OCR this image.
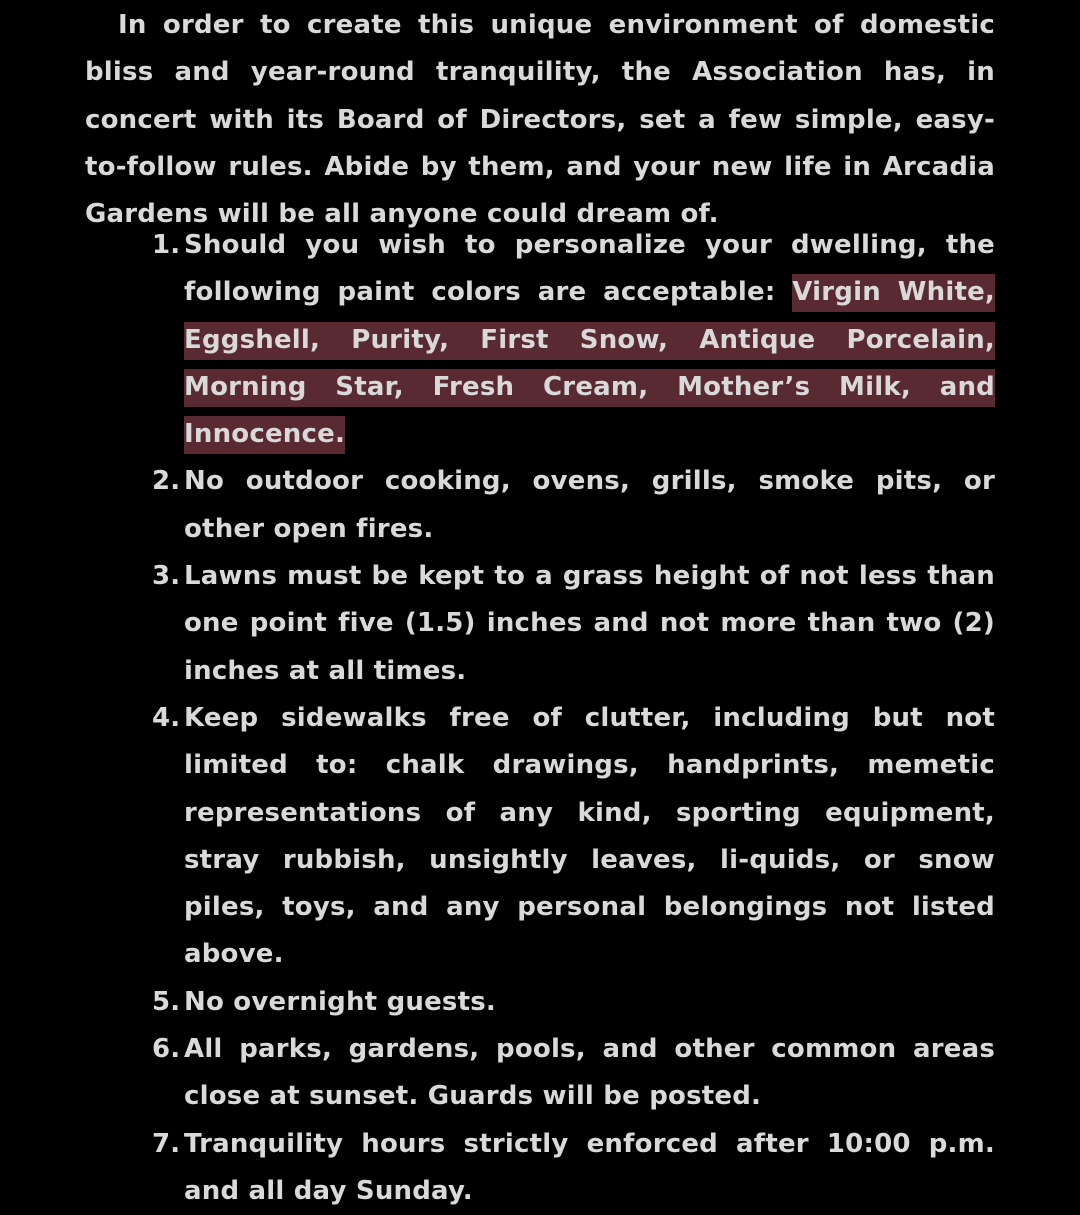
In order to create this unique environment of domestic bliss and year-round tranquility, the Association has, in concert with its Board of Directors, set a few simple, easy-to-follow rules. Abide by them, and your new life in Arcadia Gardens will be all anyone could dream of.

1. Should you wish to personalize your dwelling, the following paint colors are acceptable: Virgin White, Eggshell, Purity, First Snow, Antique Porcelain, Morning Star, Fresh Cream, Mother’s Milk, and Innocence.
2. No outdoor cooking, ovens, grills, smoke pits, or other open fires.
3. Lawns must be kept to a grass height of not less than one point five (1.5) inches and not more than two (2) inches at all times.
4. Keep sidewalks free of clutter, including but not limited to: chalk drawings, handprints, memetic representations of any kind, sporting equipment, stray rubbish, unsightly leaves, li-quids, or snow piles, toys, and any personal belongings not listed above.
5. No overnight guests.
6. All parks, gardens, pools, and other common areas close at sunset. Guards will be posted.
7. Tranquility hours strictly enforced after 10:00 p.m. and all day Sunday.
